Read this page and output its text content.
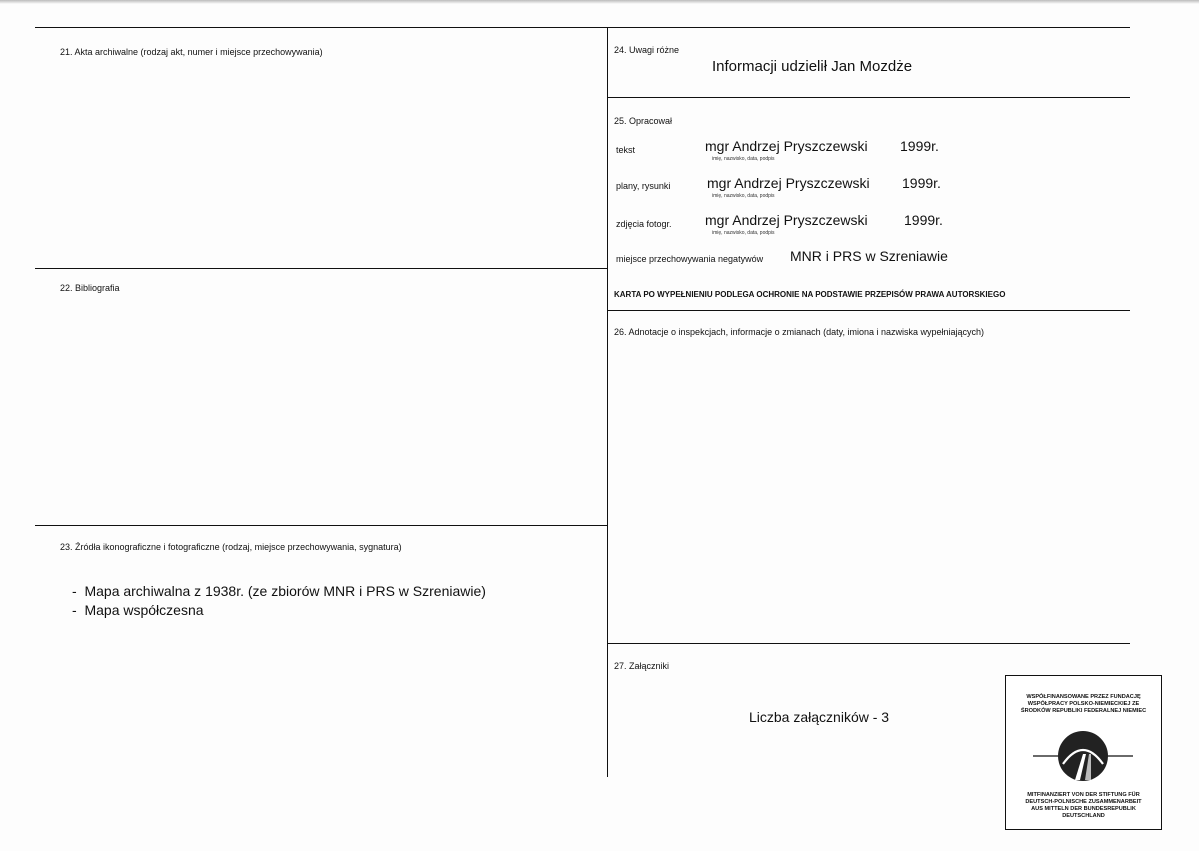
21. Akta archiwalne (rodzaj akt, numer i miejsce przechowywania)
22. Bibliografia
23. Źródła ikonograficzne i fotograficzne (rodzaj, miejsce przechowywania, sygnatura)
-  Mapa archiwalna z 1938r. (ze zbiorów MNR i PRS w Szreniawie)
-  Mapa współczesna
24. Uwagi różne
Informacji udzielił Jan Mozdże
25. Opracował
tekst	mgr Andrzej Pryszczewski
imię, nazwisko, data, podpis
1999r.
plany, rysunki	mgr Andrzej Pryszczewski
imię, nazwisko, data, podpis
1999r.
zdjęcia fotogr. mgr Andrzej Pryszczewski
imię, nazwisko, data, podpis
1999r.
miejsce przechowywania negatywów MNR i PRS w Szreniawie
KARTA PO WYPEŁNIENIU PODLEGA OCHRONIE NA PODSTAWIE PRZEPISÓW PRAWA AUTORSKIEGO
26. Adnotacje o inspekcjach, informacje o zmianach (daty, imiona i nazwiska wypełniających)
27. Załączniki
Liczba załączników - 3
WSPÓŁFINANSOWANE PRZEZ FUNDACJĘ WSPÓŁPRACY POLSKO-NIEMIECKIEJ ZE ŚRODKÓW REPUBLIKI FEDERALNEJ NIEMIEC
MITFINANZIERT VON DER STIFTUNG FÜR DEUTSCH-POLNISCHE ZUSAMMENARBEIT AUS MITTELN DER BUNDESREPUBLIK DEUTSCHLAND
